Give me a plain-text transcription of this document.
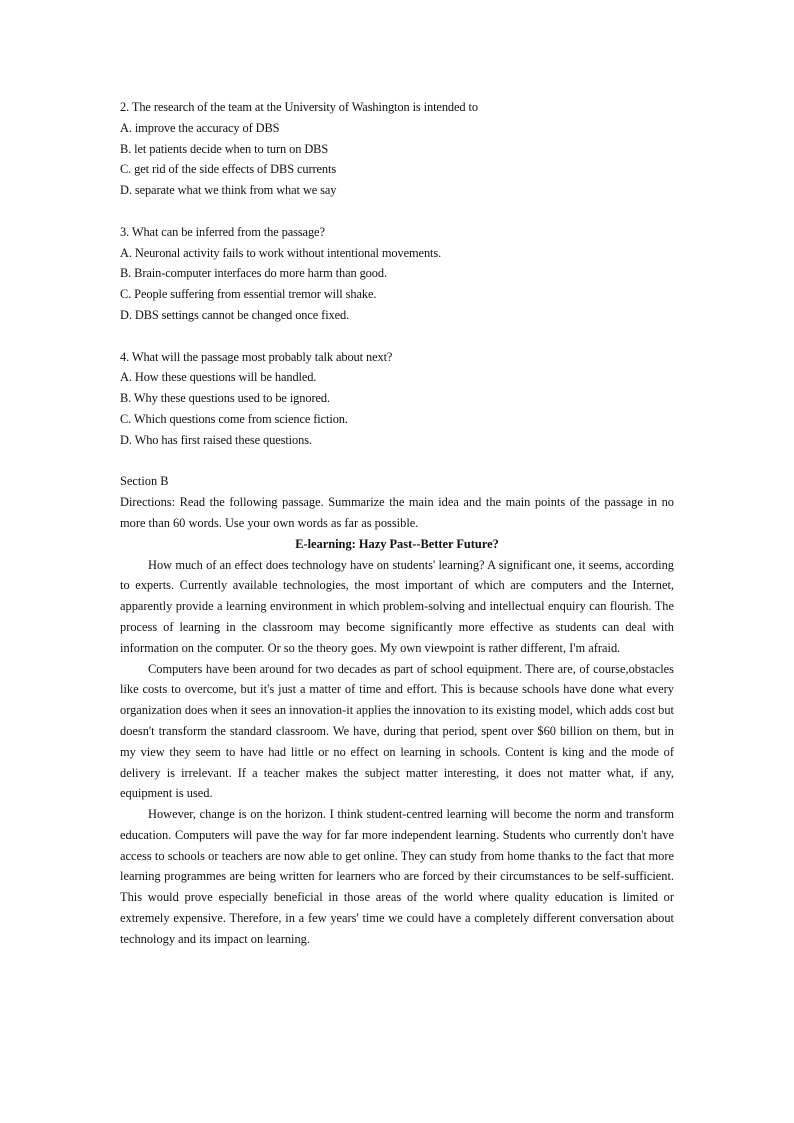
2. The research of the team at the University of Washington is intended to
A. improve the accuracy of DBS
B. let patients decide when to turn on DBS
C. get rid of the side effects of DBS currents
D. separate what we think from what we say
3. What can be inferred from the passage?
A. Neuronal activity fails to work without intentional movements.
B. Brain-computer interfaces do more harm than good.
C. People suffering from essential tremor will shake.
D. DBS settings cannot be changed once fixed.
4. What will the passage most probably talk about next?
A. How these questions will be handled.
B. Why these questions used to be ignored.
C. Which questions come from science fiction.
D. Who has first raised these questions.
Section B

Directions: Read the following passage. Summarize the main idea and the main points of the passage in no more than 60 words. Use your own words as far as possible.

E-learning: Hazy Past--Better Future?

How much of an effect does technology have on students' learning? A significant one, it seems, according to experts. Currently available technologies, the most important of which are computers and the Internet, apparently provide a learning environment in which problem-solving and intellectual enquiry can flourish. The process of learning in the classroom may become significantly more effective as students can deal with information on the computer. Or so the theory goes. My own viewpoint is rather different, I'm afraid.

Computers have been around for two decades as part of school equipment. There are, of course,obstacles like costs to overcome, but it's just a matter of time and effort. This is because schools have done what every organization does when it sees an innovation-it applies the innovation to its existing model, which adds cost but doesn't transform the standard classroom. We have, during that period, spent over $60 billion on them, but in my view they seem to have had little or no effect on learning in schools. Content is king and the mode of delivery is irrelevant. If a teacher makes the subject matter interesting, it does not matter what, if any, equipment is used.

However, change is on the horizon. I think student-centred learning will become the norm and transform education. Computers will pave the way for far more independent learning. Students who currently don't have access to schools or teachers are now able to get online. They can study from home thanks to the fact that more learning programmes are being written for learners who are forced by their circumstances to be self-sufficient. This would prove especially beneficial in those areas of the world where quality education is limited or extremely expensive. Therefore, in a few years' time we could have a completely different conversation about technology and its impact on learning.
